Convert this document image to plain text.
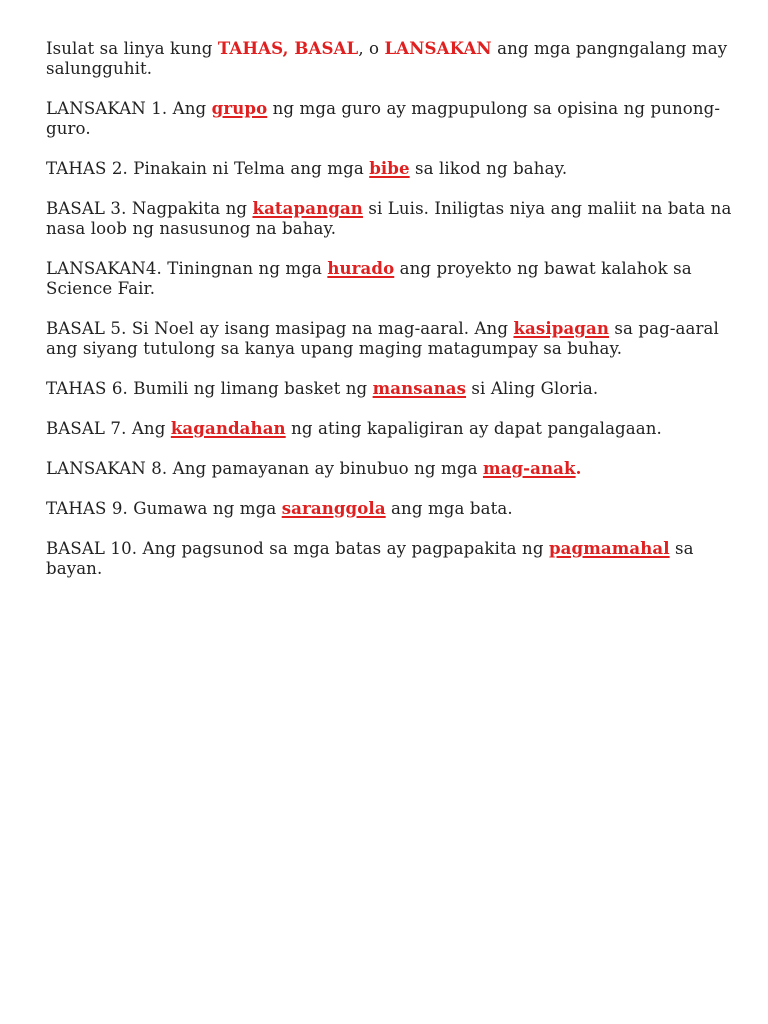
Isulat sa linya kung TAHAS, BASAL, o LANSAKAN ang mga pangngalang may salungguhit.

LANSAKAN 1. Ang grupo ng mga guro ay magpupulong sa opisina ng punong-guro.

TAHAS 2. Pinakain ni Telma ang mga bibe sa likod ng bahay.

BASAL 3. Nagpakita ng katapangan si Luis. Iniligtas niya ang maliit na bata na nasa loob ng nasusunog na bahay.

LANSAKAN4. Tiningnan ng mga hurado ang proyekto ng bawat kalahok sa Science Fair.

BASAL 5. Si Noel ay isang masipag na mag-aaral. Ang kasipagan sa pag-aaral ang siyang tutulong sa kanya upang maging matagumpay sa buhay.

TAHAS 6. Bumili ng limang basket ng mansanas si Aling Gloria.

BASAL 7. Ang kagandahan ng ating kapaligiran ay dapat pangalagaan.

LANSAKAN 8. Ang pamayanan ay binubuo ng mga mag-anak.

TAHAS 9. Gumawa ng mga saranggola ang mga bata.

BASAL 10. Ang pagsunod sa mga batas ay pagpapakita ng pagmamahal sa bayan.
